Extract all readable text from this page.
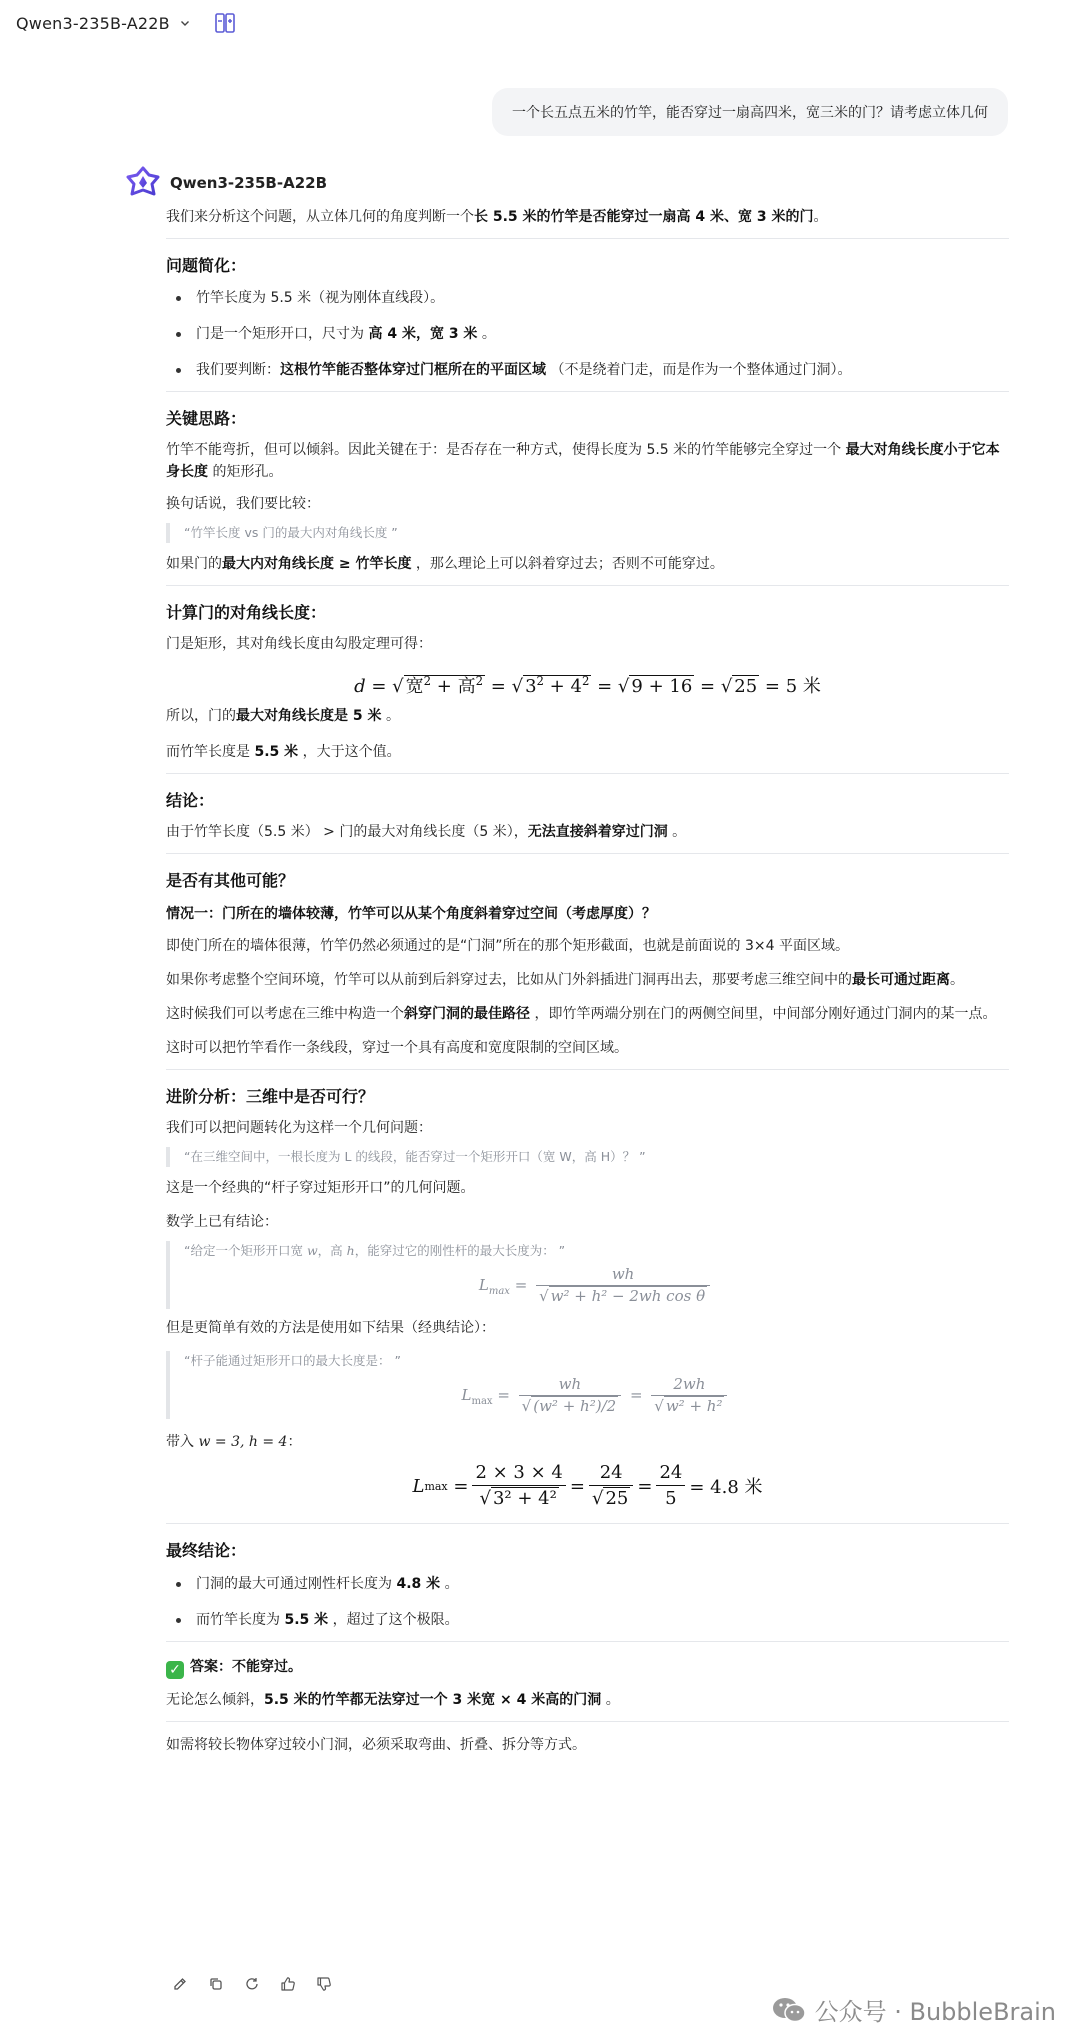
Qwen3-235B-A22B
一个长五点五米的竹竿，能否穿过一扇高四米，宽三米的门？请考虑立体几何
Qwen3-235B-A22B

我们来分析这个问题，从立体几何的角度判断一个长 5.5 米的竹竿是否能穿过一扇高 4 米、宽 3 米的门。

问题简化：

竹竿长度为 5.5 米（视为刚体直线段）。
门是一个矩形开口，尺寸为 高 4 米，宽 3 米 。
我们要判断：这根竹竿能否整体穿过门框所在的平面区域 （不是绕着门走，而是作为一个整体通过门洞）。

关键思路：

竹竿不能弯折，但可以倾斜。因此关键在于：是否存在一种方式，使得长度为 5.5 米的竹竿能够完全穿过一个 最大对角线长度小于它本身长度 的矩形孔。

换句话说，我们要比较：

“竹竿长度 vs 门的最大内对角线长度 ”

如果门的最大内对角线长度 ≥ 竹竿长度 ，那么理论上可以斜着穿过去；否则不可能穿过。

计算门的对角线长度：

门是矩形，其对角线长度由勾股定理可得：

d = √ 宽$^2$ + 高$^2$ = √ $3^2 + 4^2$ = √ 9 + 16 = √ 25 = 5 米

所以，门的最大对角线长度是 5 米 。

而竹竿长度是 5.5 米 ，大于这个值。

结论：

由于竹竿长度（5.5 米） > 门的最大对角线长度（5 米），无法直接斜着穿过门洞 。

是否有其他可能？

情况一：门所在的墙体较薄，竹竿可以从某个角度斜着穿过空间（考虑厚度）？

即使门所在的墙体很薄，竹竿仍然必须通过的是“门洞”所在的那个矩形截面，也就是前面说的 3×4 平面区域。

如果你考虑整个空间环境，竹竿可以从前到后斜穿过去，比如从门外斜插进门洞再出去，那要考虑三维空间中的最长可通过距离。

这时候我们可以考虑在三维中构造一个斜穿门洞的最佳路径 ，即竹竿两端分别在门的两侧空间里，中间部分刚好通过门洞内的某一点。

这时可以把竹竿看作一条线段，穿过一个具有高度和宽度限制的空间区域。

进阶分析：三维中是否可行？

我们可以把问题转化为这样一个几何问题：

“在三维空间中，一根长度为 L 的线段，能否穿过一个矩形开口（宽 W，高 H）？ ”

这是一个经典的“杆子穿过矩形开口”的几何问题。

数学上已有结论：

“给定一个矩形开口宽 w，高 h，能穿过它的刚性杆的最大长度为： ”
$L_{max} = \frac{wh}{\text{√ w² + h² − 2wh cos θ}}$

但是更简单有效的方法是使用如下结果（经典结论）：

“杆子能通过矩形开口的最大长度是： ”
$L_{max} = \frac{wh}{\text{√ (w² + h²)/2}} = \frac{2wh}{\text{√ w² + h²}}$

带入 w = 3, h = 4：

L $\max = \frac{2 \times 3 \times 4}{\text{√ 3² + 4²}} = \frac{24}{√ 25} = \frac{24}{5} = 4.8$ 米

最终结论：

门洞的最大可通过刚性杆长度为 4.8 米 。
而竹竿长度为 5.5 米 ，超过了这个极限。

✓ 答案：不能穿过。

无论怎么倾斜，5.5 米的竹竿都无法穿过一个 3 米宽 × 4 米高的门洞 。

如需将较长物体穿过较小门洞，必须采取弯曲、折叠、拆分等方式。

公众号 · BubbleBrain
